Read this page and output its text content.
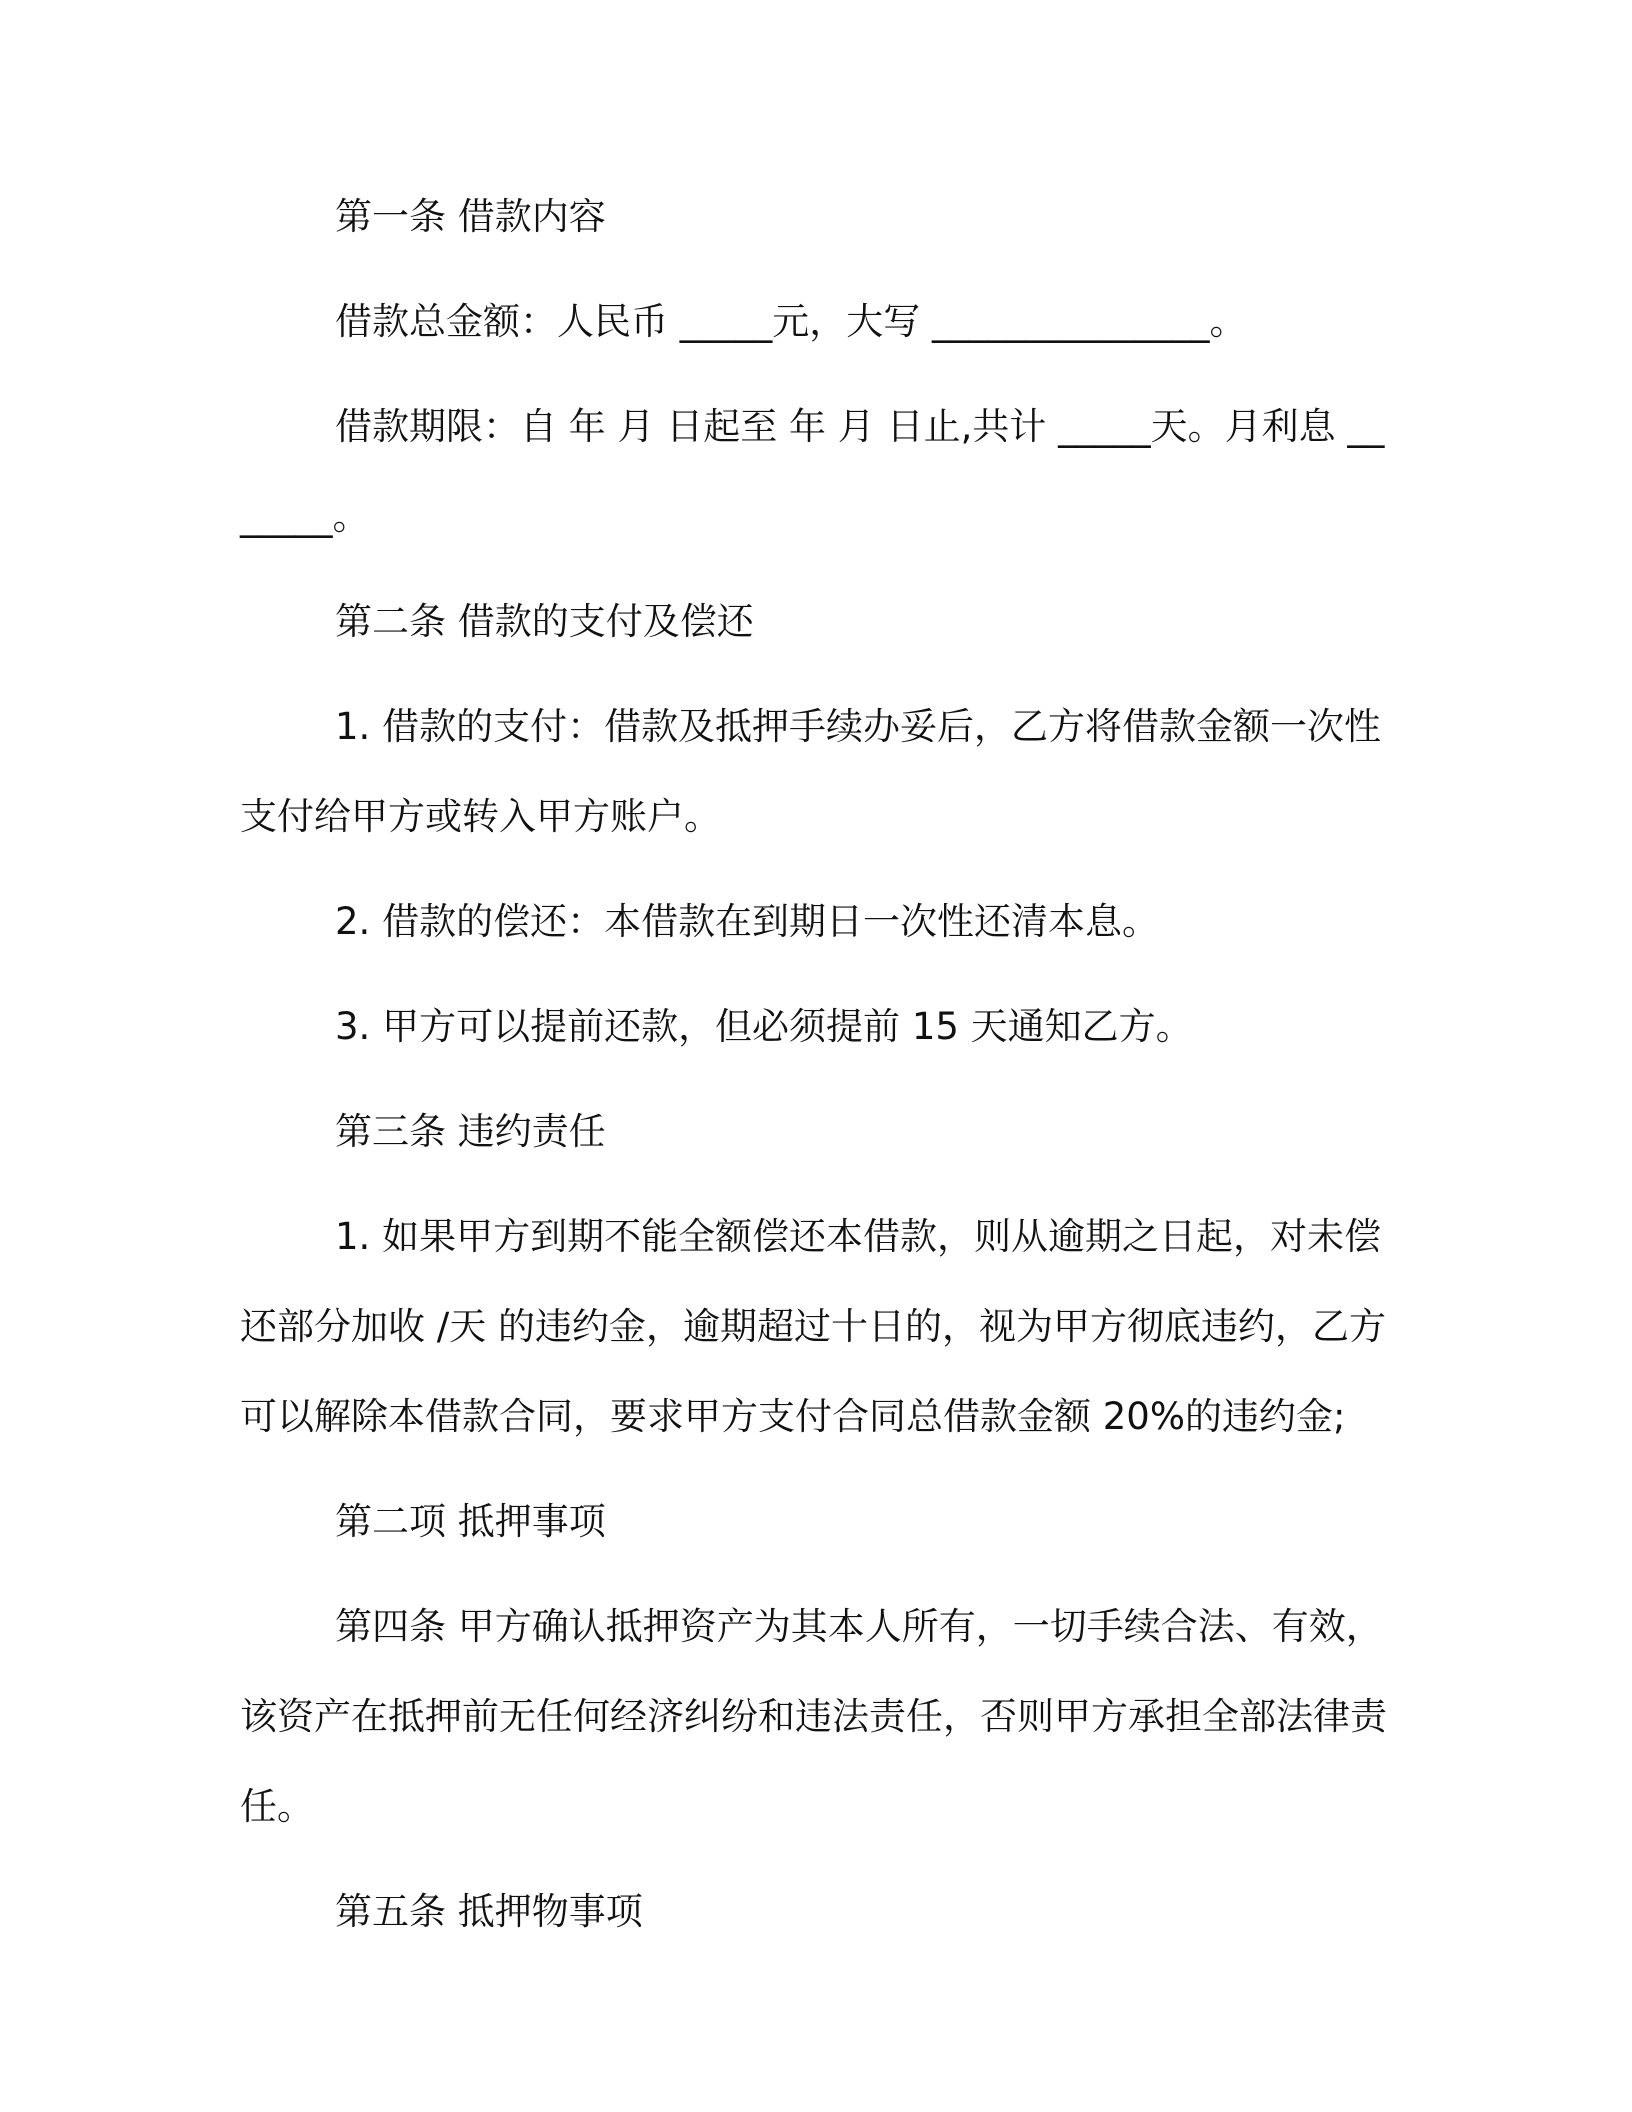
第一条 借款内容

借款总金额：人民币 _____元，大写 _______________。

借款期限：自 年 月 日起至 年 月 日止,共计 _____天。月利息 _______。

第二条 借款的支付及偿还

1. 借款的支付：借款及抵押手续办妥后，乙方将借款金额一次性支付给甲方或转入甲方账户。

2. 借款的偿还：本借款在到期日一次性还清本息。

3. 甲方可以提前还款，但必须提前 15 天通知乙方。

第三条 违约责任

1. 如果甲方到期不能全额偿还本借款，则从逾期之日起，对未偿还部分加收 /天 的违约金，逾期超过十日的，视为甲方彻底违约，乙方可以解除本借款合同，要求甲方支付合同总借款金额 20%的违约金;

第二项 抵押事项

第四条 甲方确认抵押资产为其本人所有，一切手续合法、有效，该资产在抵押前无任何经济纠纷和违法责任，否则甲方承担全部法律责任。

第五条 抵押物事项
